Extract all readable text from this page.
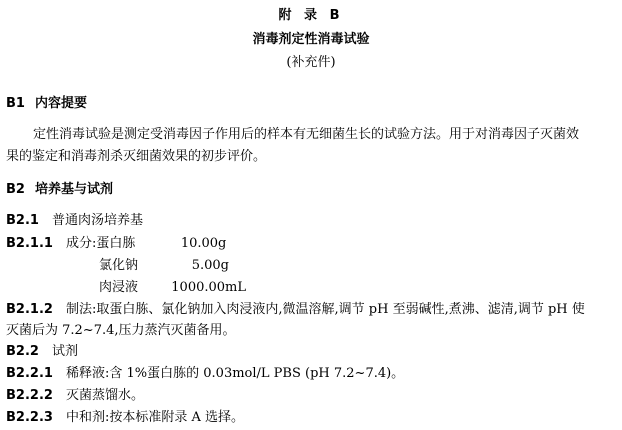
附 录 B
消毒剂定性消毒试验
(补充件)
B1 内容提要
定性消毒试验是测定受消毒因子作用后的样本有无细菌生长的试验方法。用于对消毒因子灭菌效
果的鉴定和消毒剂杀灭细菌效果的初步评价。
B2 培养基与试剂
B2.1 普通肉汤培养基
B2.1.1 成分:蛋白胨	10.00g
氯化钠	5.00g
肉浸液	1000.00mL
B2.1.2 制法:取蛋白胨、氯化钠加入肉浸液内,微温溶解,调节 pH 至弱碱性,煮沸、滤清,调节 pH 使
灭菌后为 7.2~7.4,压力蒸汽灭菌备用。
B2.2 试剂
B2.2.1 稀释液:含 1%蛋白胨的 0.03mol/L PBS (pH 7.2~7.4)。
B2.2.2 灭菌蒸馏水。
B2.2.3 中和剂:按本标准附录 A 选择。
